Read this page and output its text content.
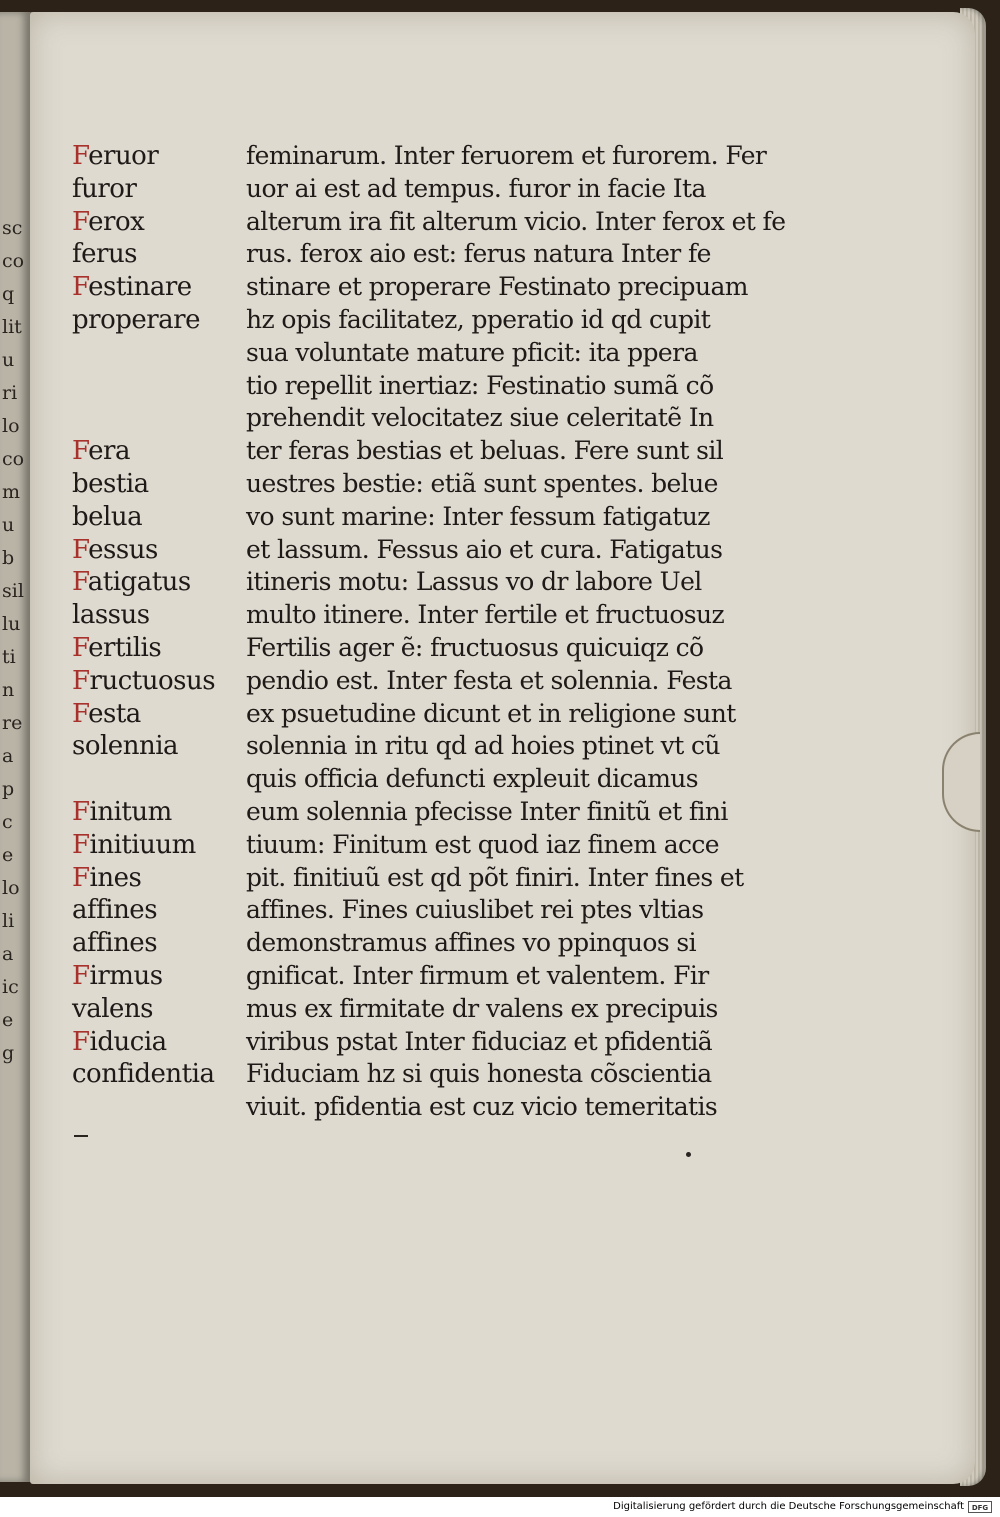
sc
co
q
lit
u
ri
lo
co
m
u
b
sil
lu
ti
n
re
a
p
c
e
lo
li
a
ic
e
g
Feruor
furor
Ferox
ferus
Festinare
properare
Fera
bestia
belua
Fessus
Fatigatus
lassus
Fertilis
Fructuosus
Festa
solennia
Finitum
Finitiuum
Fines
affines
affines
Firmus
valens
Fiducia
confidentia
feminarum. Inter feruorem et furorem. Fer
uor ai est ad tempus. furor in facie Ita
alterum ira fit alterum vicio. Inter ferox et fe
rus. ferox aio est: ferus natura Inter fe
stinare et properare Festinato precipuam
hz opis facilitatez, pperatio id qd cupit
sua voluntate mature pficit: ita ppera
tio repellit inertiaz: Festinatio sumã cõ
prehendit velocitatez siue celeritatẽ In
ter feras bestias et beluas. Fere sunt sil
uestres bestie: etiã sunt spentes. belue
vo sunt marine: Inter fessum fatigatuz
et lassum. Fessus aio et cura. Fatigatus
itineris motu: Lassus vo dr labore Uel
multo itinere. Inter fertile et fructuosuz
Fertilis ager ẽ: fructuosus quicuiqz cõ
pendio est. Inter festa et solennia. Festa
ex psuetudine dicunt et in religione sunt
solennia in ritu qd ad hoies ptinet vt cũ
quis officia defuncti expleuit dicamus
eum solennia pfecisse Inter finitũ et fini
tiuum: Finitum est quod iaz finem acce
pit. finitiuũ est qd põt finiri. Inter fines et
affines. Fines cuiuslibet rei ptes vltias
demonstramus affines vo ppinquos si
gnificat. Inter firmum et valentem. Fir
mus ex firmitate dr valens ex precipuis
viribus pstat Inter fiduciaz et pfidentiã
Fiduciam hz si quis honesta cõscientia
viuit. pfidentia est cuz vicio temeritatis
Digitalisierung gefördert durch die Deutsche Forschungsgemeinschaft	DFG
